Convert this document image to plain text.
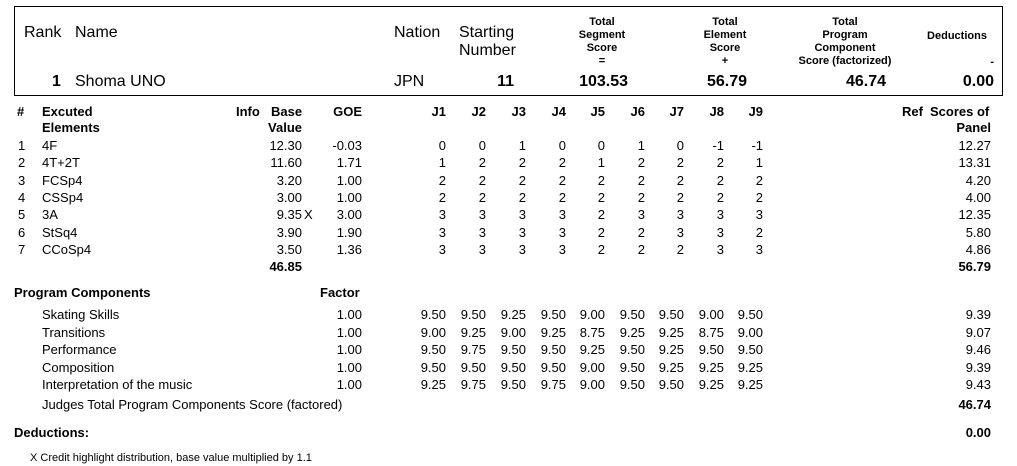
Rank Name	Nation Starting
Number
Total
Segment
Score
=
Total
Element
Score
+
Total
Program
Component
Score (factorized)
Deductions
-
1 Shoma UNO	JPN	11	103.53	56.79	46.74	0.00
# Excuted
Elements
Info Base
Value
GOE	J1	J2	J3	J4	J5	J6	J7	J8	J9	Ref Scores of
Panel
1 4F	12.30	-0.03	0	0	1	0	0	1	0	-1	-1	12.27
2 4T+2T	11.60	1.71	1	2	2	2	1	2	2	2	1	13.31
3 FCSp4	3.20	1.00	2	2	2	2	2	2	2	2	2	4.20
4 CSSp4	3.00	1.00	2	2	2	2	2	2	2	2	2	4.00
5 3A	9.35 X	3.00	3	3	3	3	2	3	3	3	3	12.35
6 StSq4	3.90	1.90	3	3	3	3	2	2	3	3	2	5.80
7 CCoSp4	3.50	1.36	3	3	3	3	2	2	2	3	3	4.86
46.85	56.79
Program Components	Factor
Skating Skills	1.00	9.50	9.50	9.25	9.50	9.00	9.50	9.50	9.00	9.50	9.39
Transitions	1.00	9.00	9.25	9.00	9.25	8.75	9.25	9.25	8.75	9.00	9.07
Performance	1.00	9.50	9.75	9.50	9.50	9.25	9.50	9.25	9.50	9.50	9.46
Composition	1.00	9.50	9.50	9.50	9.50	9.00	9.50	9.25	9.25	9.25	9.39
Interpretation of the music	1.00	9.25	9.75	9.50	9.75	9.00	9.50	9.50	9.25	9.25	9.43
Judges Total Program Components Score (factored)	46.74
Deductions:	0.00
X Credit highlight distribution, base value multiplied by 1.1
